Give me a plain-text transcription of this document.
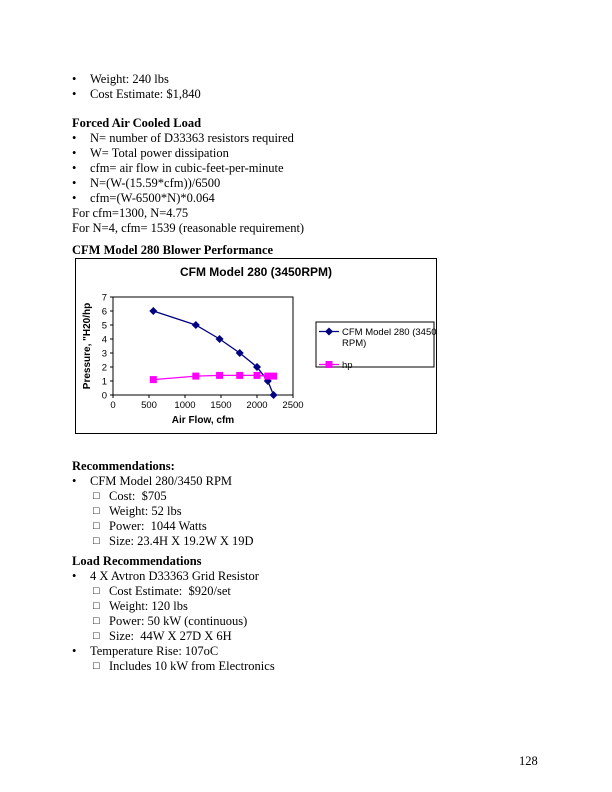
•	Weight: 240 lbs
•	Cost Estimate: $1,840
Forced Air Cooled Load
•	N= number of D33363 resistors required
•	W= Total power dissipation
•	cfm= air flow in cubic-feet-per-minute
•	N=(W-(15.59*cfm))/6500
•	cfm=(W-6500*N)*0.064
For cfm=1300, N=4.75
For N=4, cfm= 1539 (reasonable requirement)
CFM Model 280 Blower Performance
CFM Model 280 (3450RPM)
0
1
2
3
4
5
6
7
0	500 1000 1500 2000 2500
Air Flow, cfm
Pressure, "H20/hp	CFM Model 280 (3450
RPM)
hp
Recommendations:
•	CFM Model 280/3450 RPM
□ Cost:  $705
□ Weight: 52 lbs
□ Power:  1044 Watts
□ Size: 23.4H X 19.2W X 19D
Load Recommendations
•	4 X Avtron D33363 Grid Resistor
□ Cost Estimate:  $920/set
□ Weight: 120 lbs
□ Power: 50 kW (continuous)
□ Size:  44W X 27D X 6H
•	Temperature Rise: 107oC
□ Includes 10 kW from Electronics
128
